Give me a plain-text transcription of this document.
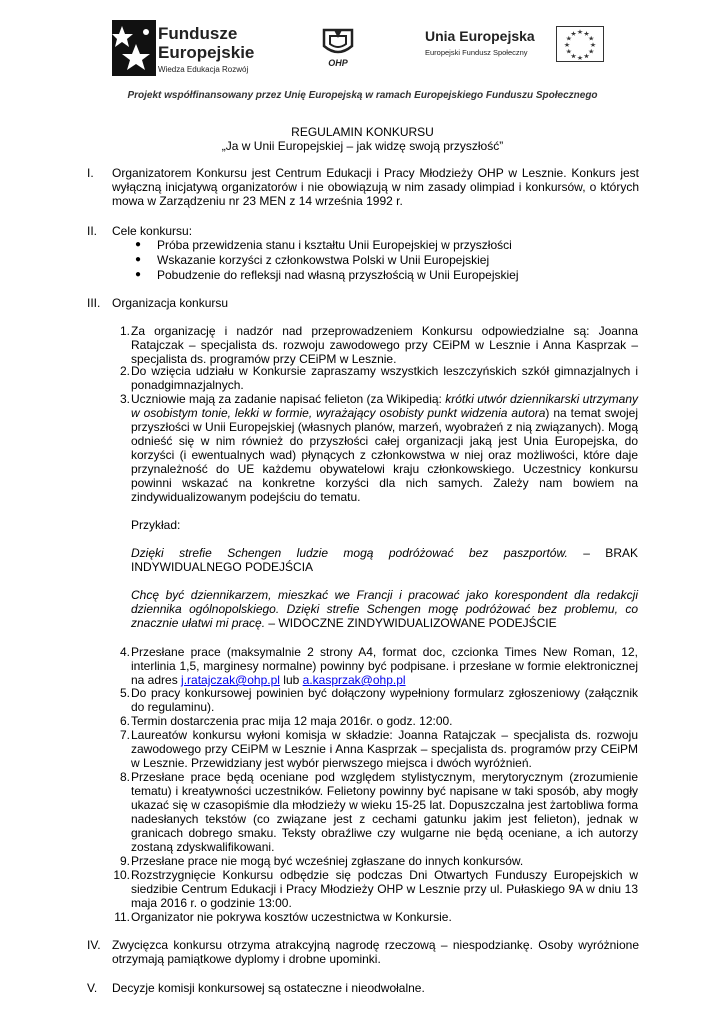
Fundusze
Europejskie
Wiedza Edukacja Rozwój
OHP
Unia Europejska
Europejski Fundusz Społeczny
Projekt współfinansowany przez Unię Europejską w ramach Europejskiego Funduszu Społecznego
REGULAMIN KONKURSU
„Ja w Unii Europejskiej – jak widzę swoją przyszłość”
I. Organizatorem Konkursu jest Centrum Edukacji i Pracy Młodzieży OHP w Lesznie. Konkurs jest wyłączną inicjatywą organizatorów i nie obowiązują w nim zasady olimpiad i konkursów, o których mowa w Zarządzeniu nr 23 MEN z 14 września 1992 r.
II. Cele konkursu:
● Próba przewidzenia stanu i kształtu Unii Europejskiej w przyszłości
● Wskazanie korzyści z członkowstwa Polski w Unii Europejskiej
● Pobudzenie do refleksji nad własną przyszłością w Unii Europejskiej
III. Organizacja konkursu
1. Za organizację i nadzór nad przeprowadzeniem Konkursu odpowiedzialne są: Joanna Ratajczak – specjalista ds. rozwoju zawodowego przy CEiPM w Lesznie i Anna Kasprzak – specjalista ds. programów przy CEiPM w Lesznie.
2. Do wzięcia udziału w Konkursie zapraszamy wszystkich leszczyńskich szkół gimnazjalnych i ponadgimnazjalnych.
3. Uczniowie mają za zadanie napisać felieton (za Wikipedią: krótki utwór dziennikarski utrzymany w osobistym tonie, lekki w formie, wyrażający osobisty punkt widzenia autora) na temat swojej przyszłości w Unii Europejskiej (własnych planów, marzeń, wyobrażeń z nią związanych). Mogą odnieść się w nim również do przyszłości całej organizacji jaką jest Unia Europejska, do korzyści (i ewentualnych wad) płynących z członkowstwa w niej oraz możliwości, które daje przynależność do UE każdemu obywatelowi kraju członkowskiego. Uczestnicy konkursu powinni wskazać na konkretne korzyści dla nich samych. Zależy nam bowiem na zindywidualizowanym podejściu do tematu.
Przykład:
Dzięki strefie Schengen ludzie mogą podróżować bez paszportów. – BRAK INDYWIDUALNEGO PODEJŚCIA
Chcę być dziennikarzem, mieszkać we Francji i pracować jako korespondent dla redakcji dziennika ogólnopolskiego. Dzięki strefie Schengen mogę podróżować bez problemu, co znacznie ułatwi mi pracę. – WIDOCZNE ZINDYWIDUALIZOWANE PODEJŚCIE
4. Przesłane prace (maksymalnie 2 strony A4, format doc, czcionka Times New Roman, 12, interlinia 1,5, marginesy normalne) powinny być podpisane. i przesłane w formie elektronicznej na adres j.ratajczak@ohp.pl lub a.kasprzak@ohp.pl
5. Do pracy konkursowej powinien być dołączony wypełniony formularz zgłoszeniowy (załącznik do regulaminu).
6. Termin dostarczenia prac mija 12 maja 2016r. o godz. 12:00.
7. Laureatów konkursu wyłoni komisja w składzie: Joanna Ratajczak – specjalista ds. rozwoju zawodowego przy CEiPM w Lesznie i Anna Kasprzak – specjalista ds. programów przy CEiPM w Lesznie. Przewidziany jest wybór pierwszego miejsca i dwóch wyróżnień.
8. Przesłane prace będą oceniane pod względem stylistycznym, merytorycznym (zrozumienie tematu) i kreatywności uczestników. Felietony powinny być napisane w taki sposób, aby mogły ukazać się w czasopiśmie dla młodzieży w wieku 15-25 lat. Dopuszczalna jest żartobliwa forma nadesłanych tekstów (co związane jest z cechami gatunku jakim jest felieton), jednak w granicach dobrego smaku. Teksty obraźliwe czy wulgarne nie będą oceniane, a ich autorzy zostaną zdyskwalifikowani.
9. Przesłane prace nie mogą być wcześniej zgłaszane do innych konkursów.
10. Rozstrzygnięcie Konkursu odbędzie się podczas Dni Otwartych Funduszy Europejskich w siedzibie Centrum Edukacji i Pracy Młodzieży OHP w Lesznie przy ul. Pułaskiego 9A w dniu 13 maja 2016 r. o godzinie 13:00.
11. Organizator nie pokrywa kosztów uczestnictwa w Konkursie.
IV. Zwycięzca konkursu otrzyma atrakcyjną nagrodę rzeczową – niespodziankę. Osoby wyróżnione otrzymają pamiątkowe dyplomy i drobne upominki.
V. Decyzje komisji konkursowej są ostateczne i nieodwołalne.
